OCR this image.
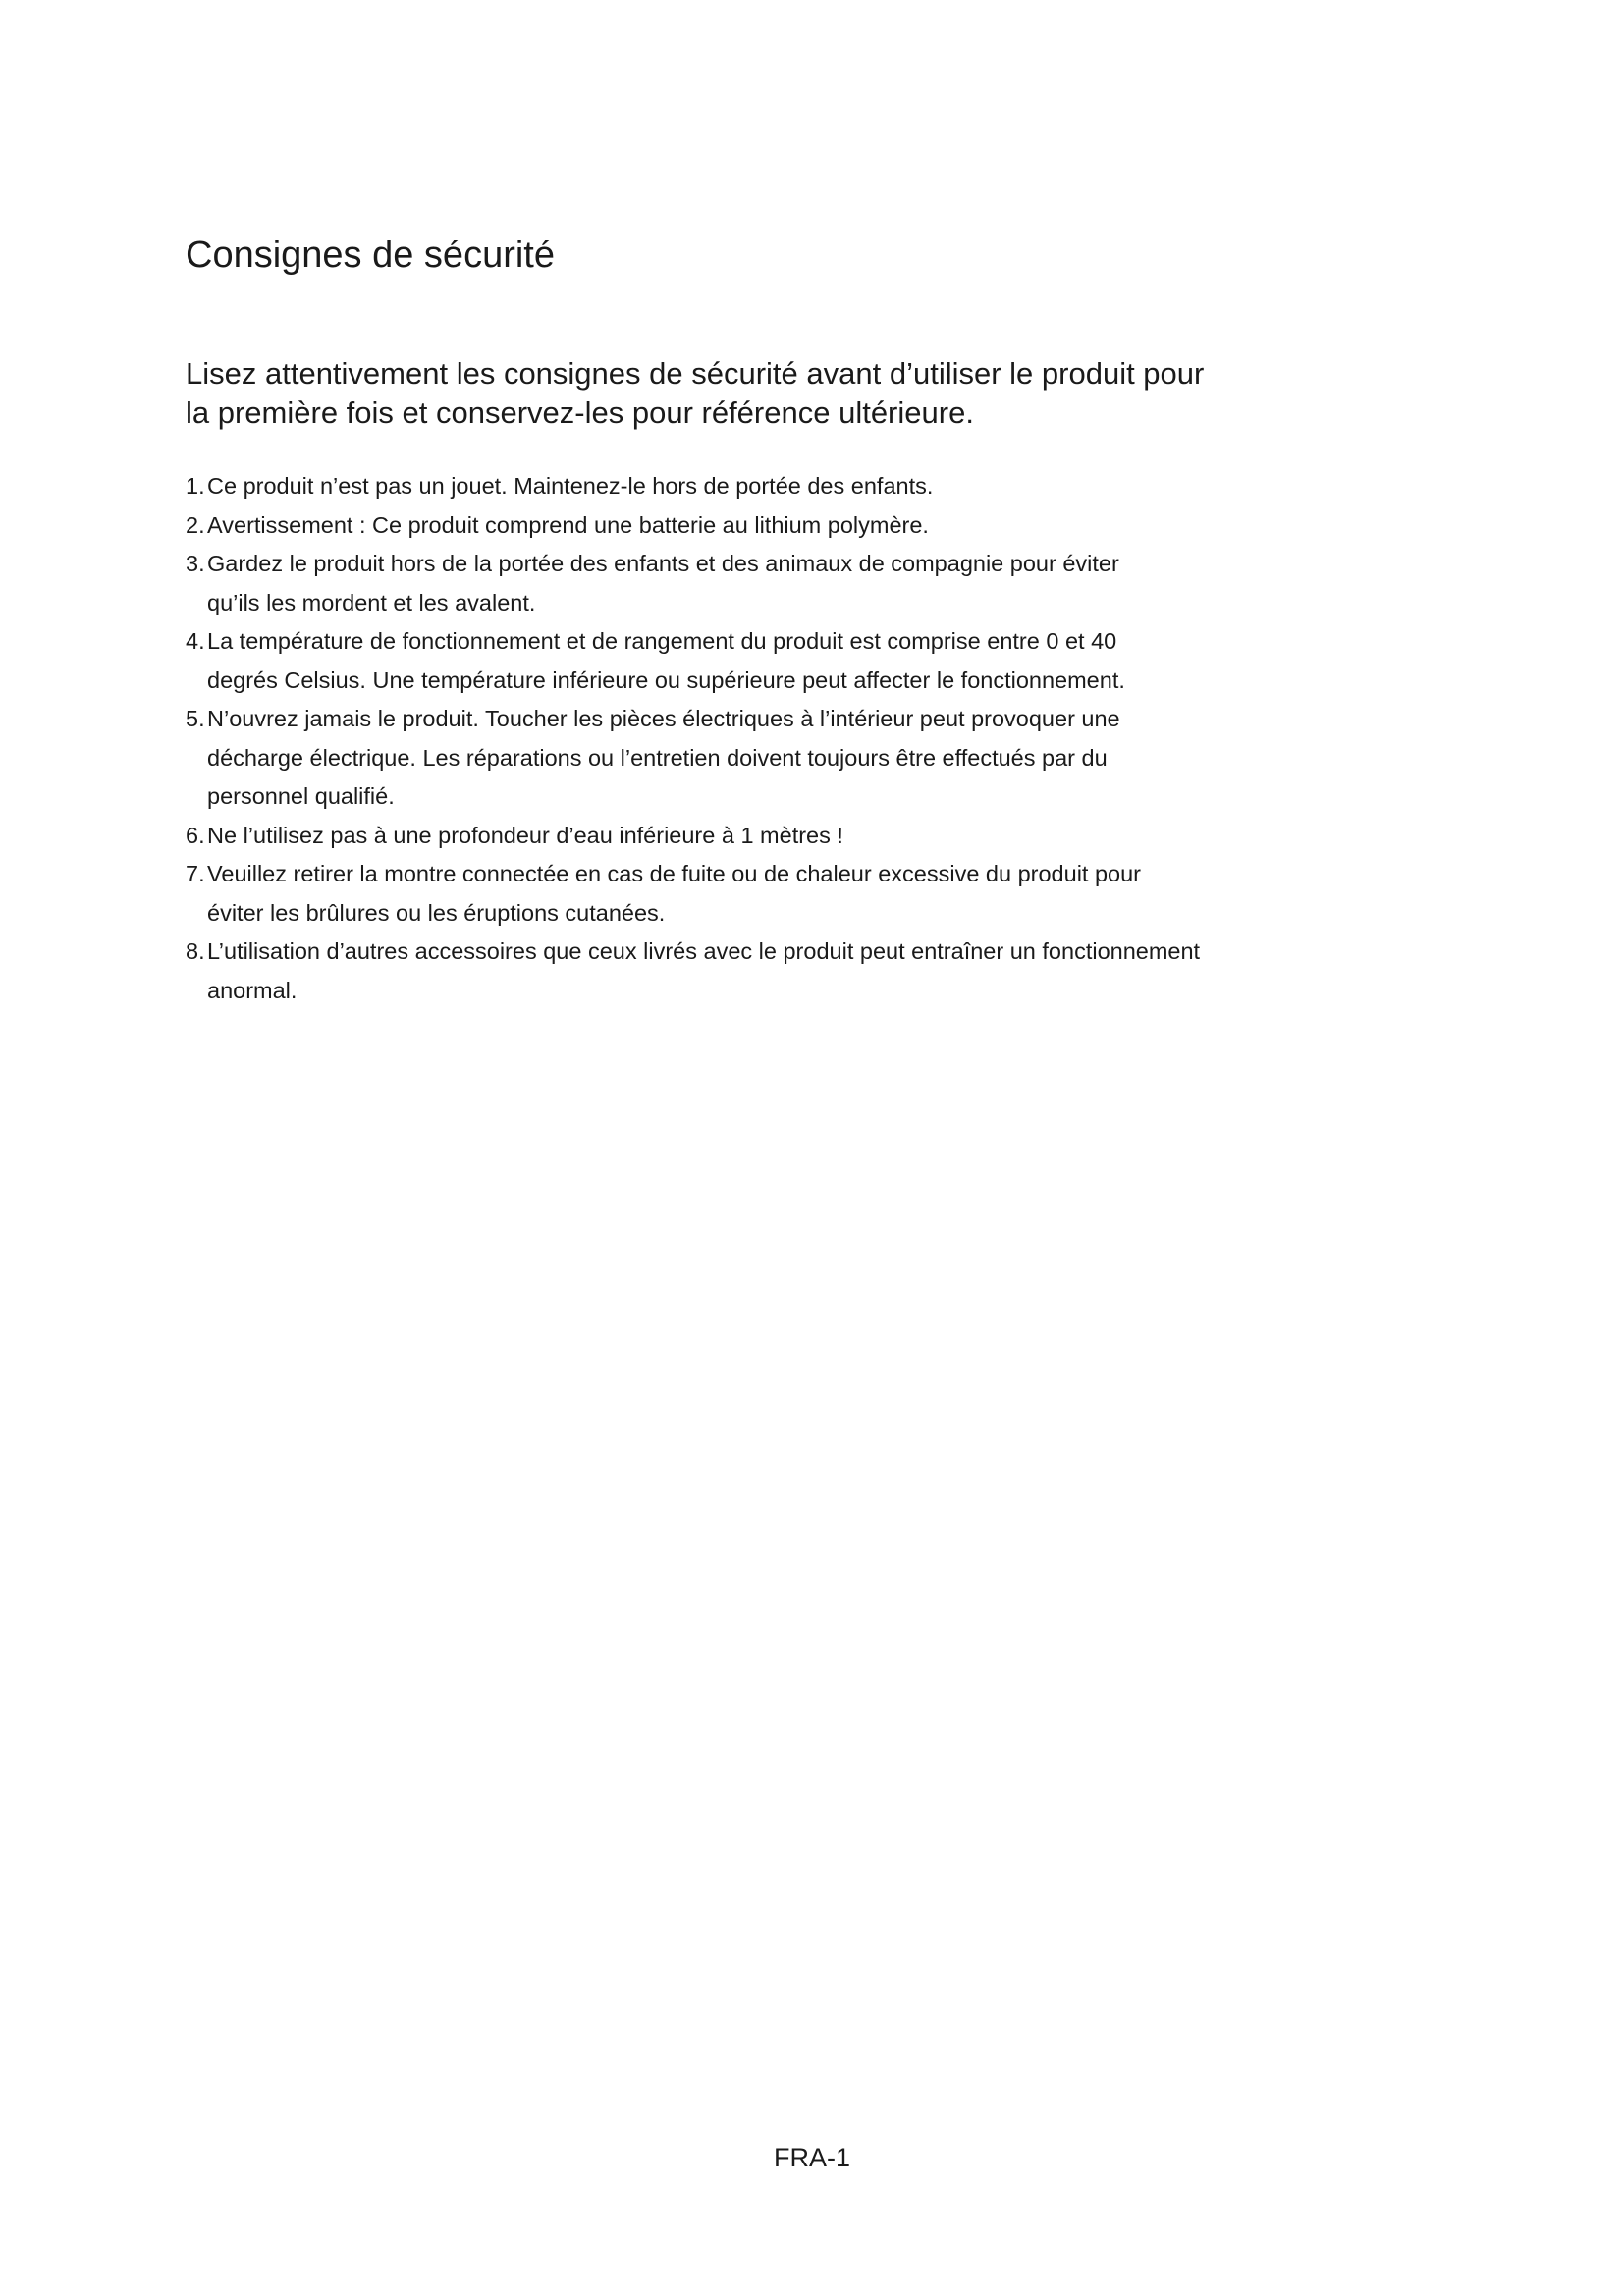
Consignes de sécurité

Lisez attentivement les consignes de sécurité avant d’utiliser le produit pour
la première fois et conservez-les pour référence ultérieure.

1. Ce produit n’est pas un jouet. Maintenez-le hors de portée des enfants.
2. Avertissement : Ce produit comprend une batterie au lithium polymère.
3. Gardez le produit hors de la portée des enfants et des animaux de compagnie pour éviter
qu’ils les mordent et les avalent.
4. La température de fonctionnement et de rangement du produit est comprise entre 0 et 40
degrés Celsius. Une température inférieure ou supérieure peut affecter le fonctionnement.
5. N’ouvrez jamais le produit. Toucher les pièces électriques à l’intérieur peut provoquer une
décharge électrique. Les réparations ou l’entretien doivent toujours être effectués par du
personnel qualifié.
6. Ne l’utilisez pas à une profondeur d’eau inférieure à 1 mètres !
7. Veuillez retirer la montre connectée en cas de fuite ou de chaleur excessive du produit pour
éviter les brûlures ou les éruptions cutanées.
8. L’utilisation d’autres accessoires que ceux livrés avec le produit peut entraîner un fonctionnement
anormal.

FRA-1
